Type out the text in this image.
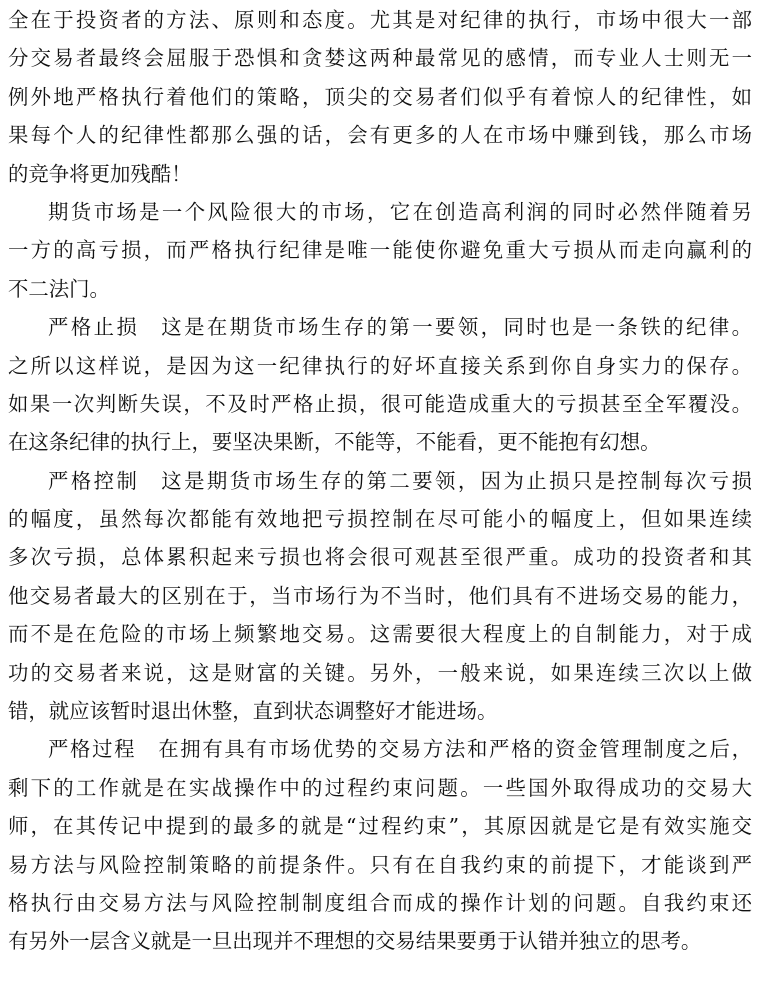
全在于投资者的方法、原则和态度。尤其是对纪律的执行，市场中很大一部
分交易者最终会屈服于恐惧和贪婪这两种最常见的感情，而专业人士则无一
例外地严格执行着他们的策略，顶尖的交易者们似乎有着惊人的纪律性，如
果每个人的纪律性都那么强的话，会有更多的人在市场中赚到钱，那么市场
的竞争将更加残酷！
期货市场是一个风险很大的市场，它在创造高利润的同时必然伴随着另
一方的高亏损，而严格执行纪律是唯一能使你避免重大亏损从而走向赢利的
不二法门。
严格止损 这是在期货市场生存的第一要领，同时也是一条铁的纪律。
之所以这样说，是因为这一纪律执行的好坏直接关系到你自身实力的保存。
如果一次判断失误，不及时严格止损，很可能造成重大的亏损甚至全军覆没。
在这条纪律的执行上，要坚决果断，不能等，不能看，更不能抱有幻想。
严格控制 这是期货市场生存的第二要领，因为止损只是控制每次亏损
的幅度，虽然每次都能有效地把亏损控制在尽可能小的幅度上，但如果连续
多次亏损，总体累积起来亏损也将会很可观甚至很严重。成功的投资者和其
他交易者最大的区别在于，当市场行为不当时，他们具有不进场交易的能力，
而不是在危险的市场上频繁地交易。这需要很大程度上的自制能力，对于成
功的交易者来说，这是财富的关键。另外，一般来说，如果连续三次以上做
错，就应该暂时退出休整，直到状态调整好才能进场。
严格过程 在拥有具有市场优势的交易方法和严格的资金管理制度之后，
剩下的工作就是在实战操作中的过程约束问题。一些国外取得成功的交易大
师，在其传记中提到的最多的就是“过程约束”，其原因就是它是有效实施交
易方法与风险控制策略的前提条件。只有在自我约束的前提下，才能谈到严
格执行由交易方法与风险控制制度组合而成的操作计划的问题。自我约束还
有另外一层含义就是一旦出现并不理想的交易结果要勇于认错并独立的思考。
